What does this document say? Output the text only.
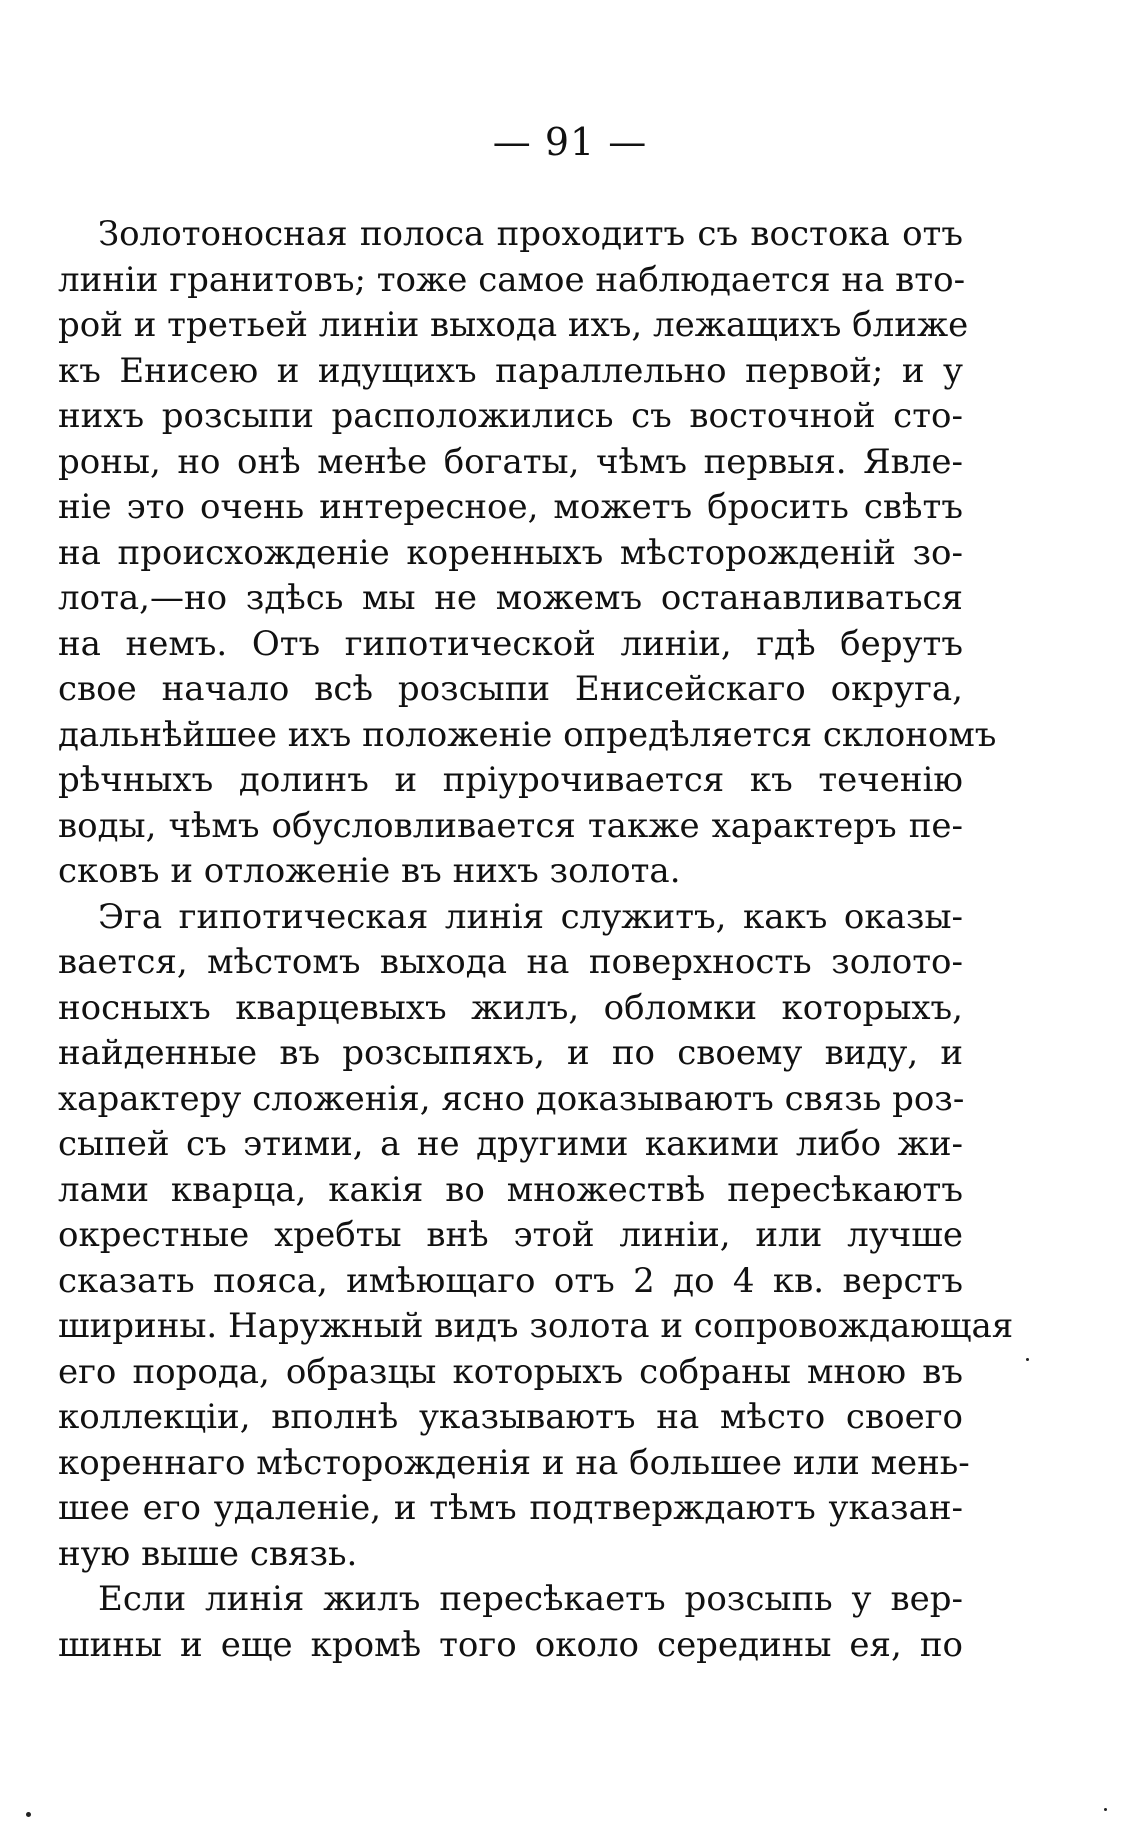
— 91 —
Золотоносная полоса проходитъ съ востока отъ
линіи гранитовъ; тоже самое наблюдается на вто-
рой и третьей линіи выхода ихъ, лежащихъ ближе
къ Енисею и идущихъ параллельно первой; и у
нихъ розсыпи расположились съ восточной сто-
роны, но онѣ менѣе богаты, чѣмъ первыя. Явле-
ніе это очень интересное, можетъ бросить свѣтъ
на происхожденіе коренныхъ мѣсторожденій зо-
лота,—но здѣсь мы не можемъ останавливаться
на немъ. Отъ гипотической линіи, гдѣ берутъ
свое начало всѣ розсыпи Енисейскаго округа,
дальнѣйшее ихъ положеніе опредѣляется склономъ
рѣчныхъ долинъ и пріурочивается къ теченію
воды, чѣмъ обусловливается также характеръ пе-
сковъ и отложеніе въ нихъ золота.
Эга гипотическая линія служитъ, какъ оказы-
вается, мѣстомъ выхода на поверхность золото-
носныхъ кварцевыхъ жилъ, обломки которыхъ,
найденные въ розсыпяхъ, и по своему виду, и
характеру сложенія, ясно доказываютъ связь роз-
сыпей съ этими, а не другими какими либо жи-
лами кварца, какія во множествѣ пересѣкаютъ
окрестные хребты внѣ этой линіи, или лучше
сказать пояса, имѣющаго отъ 2 до 4 кв. верстъ
ширины. Наружный видъ золота и сопровождающая
его порода, образцы которыхъ собраны мною въ
коллекціи, вполнѣ указываютъ на мѣсто своего
кореннаго мѣсторожденія и на большее или мень-
шее его удаленіе, и тѣмъ подтверждаютъ указан-
ную выше связь.
Если линія жилъ пересѣкаетъ розсыпь у вер-
шины и еще кромѣ того около середины ея, по
